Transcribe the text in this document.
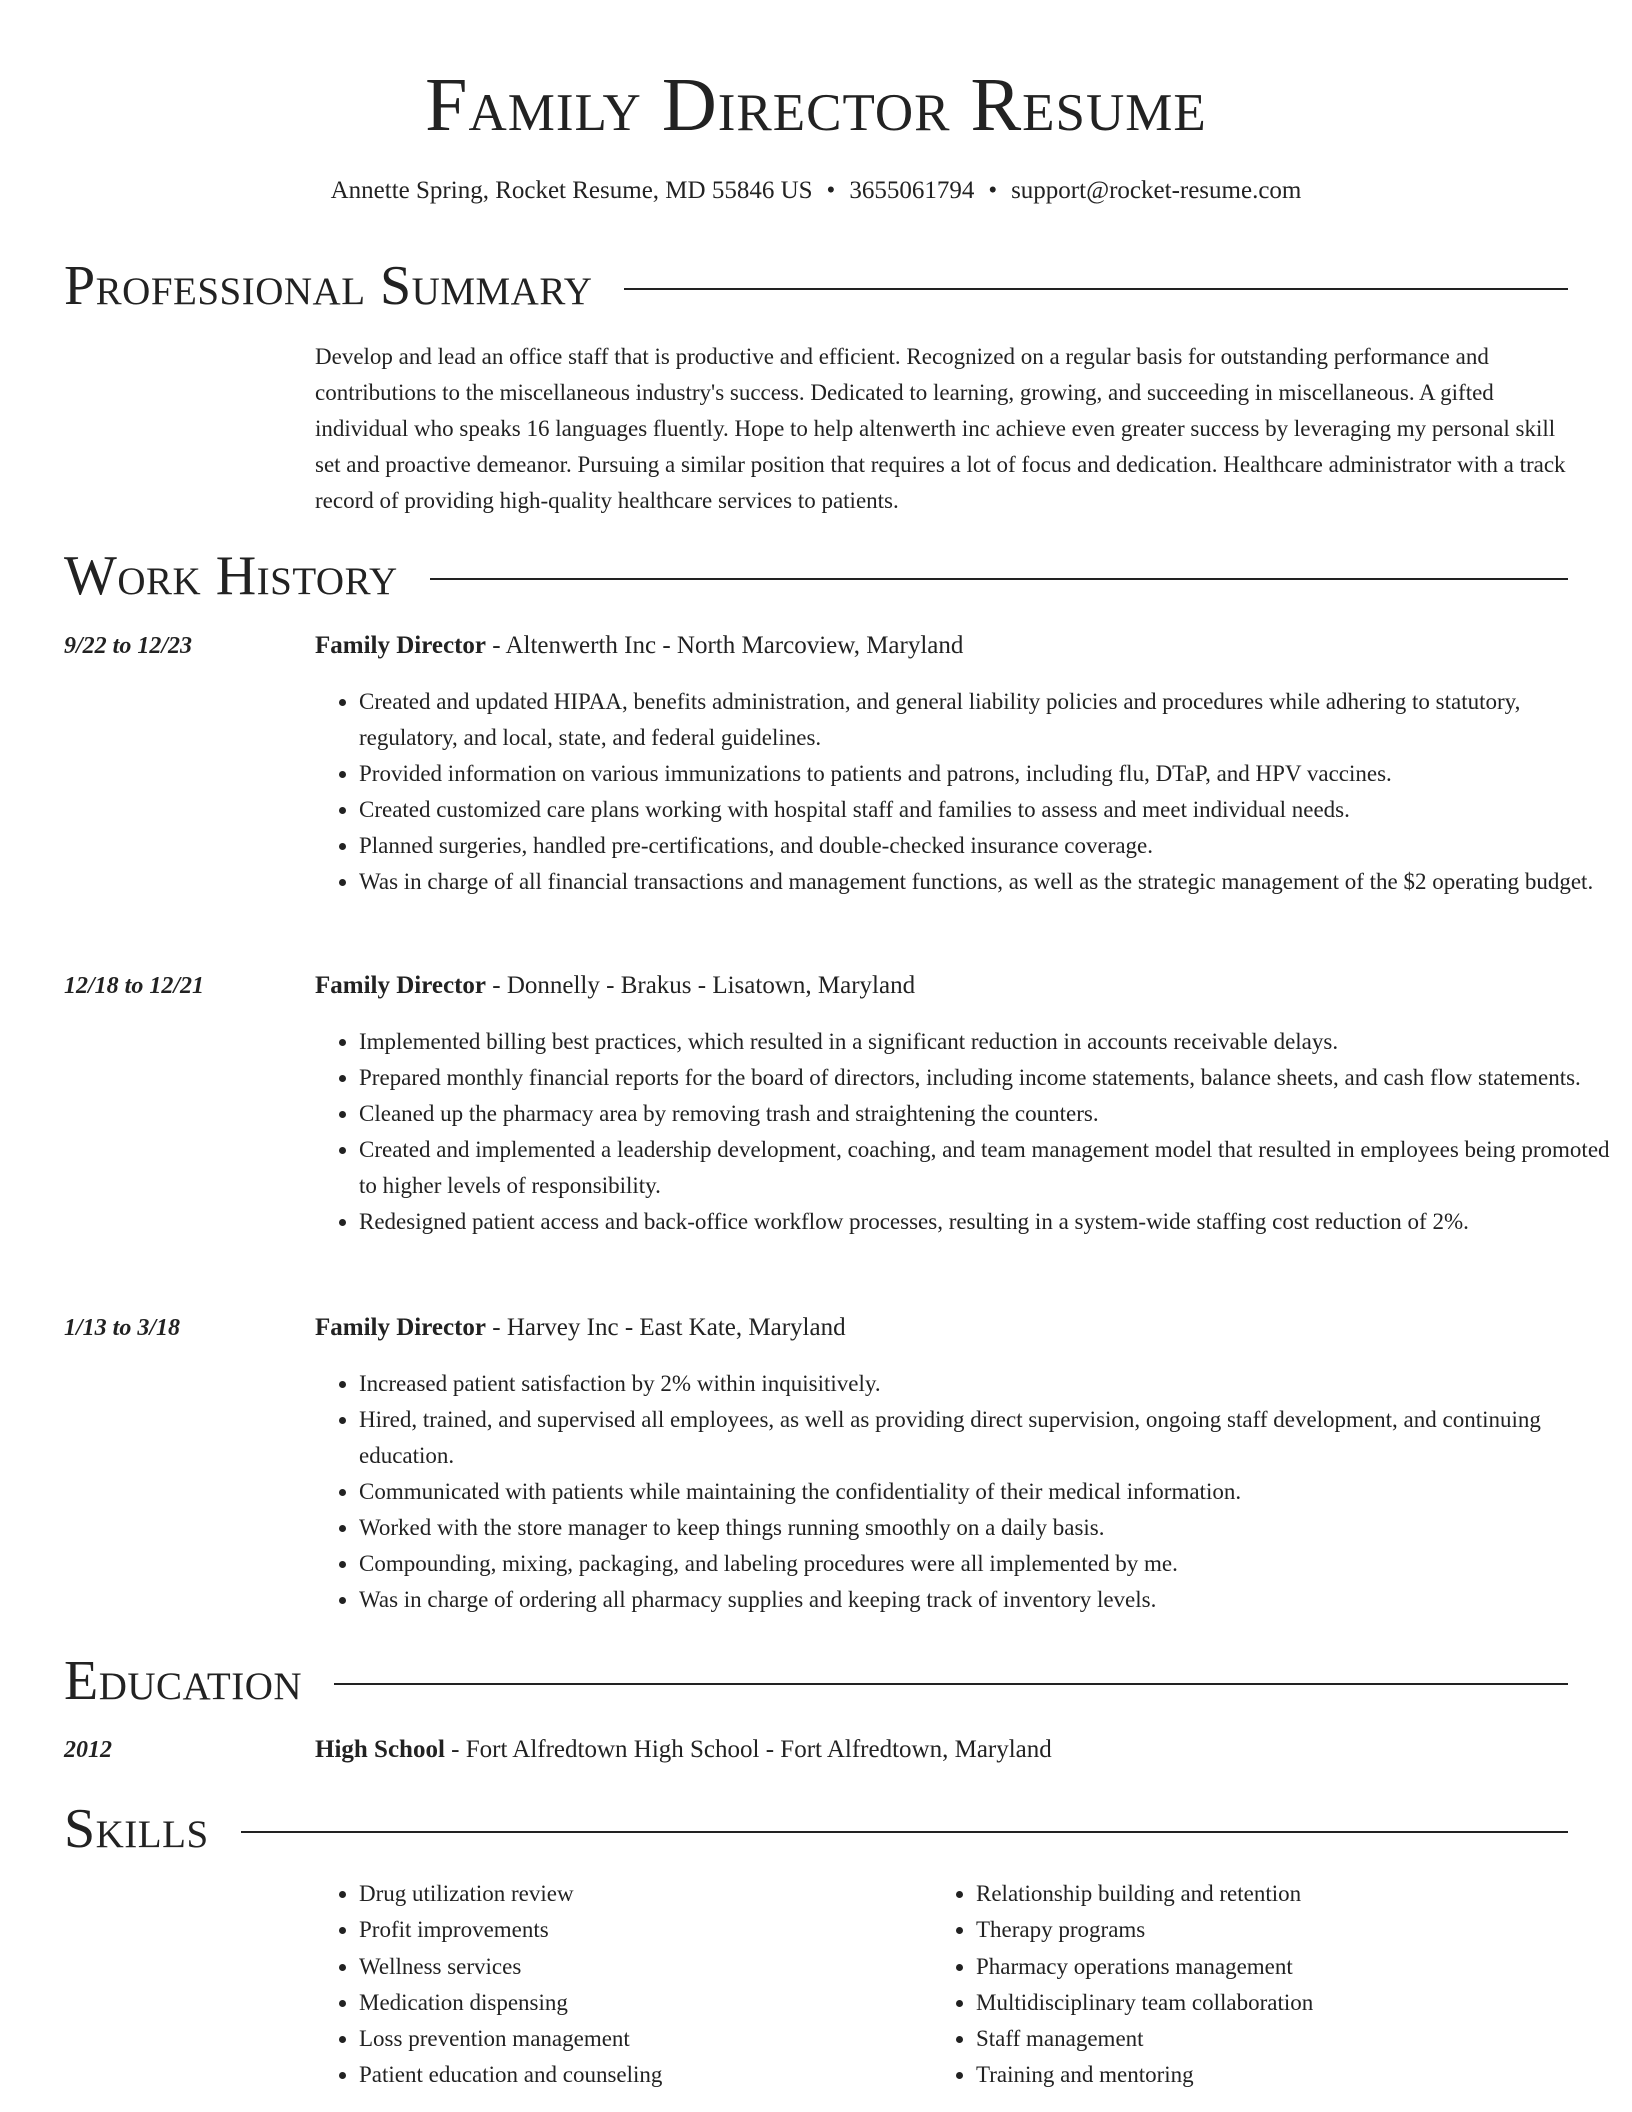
Family Director Resume
Annette Spring, Rocket Resume, MD 55846 US • 3655061794 • support@rocket-resume.com
Professional Summary

Develop and lead an office staff that is productive and efficient. Recognized on a regular basis for outstanding performance and contributions to the miscellaneous industry's success. Dedicated to learning, growing, and succeeding in miscellaneous. A gifted individual who speaks 16 languages fluently. Hope to help altenwerth inc achieve even greater success by leveraging my personal skill set and proactive demeanor. Pursuing a similar position that requires a lot of focus and dedication. Healthcare administrator with a track record of providing high-quality healthcare services to patients.

Work History
9/22 to 12/23	Family Director - Altenwerth Inc - North Marcoview, Maryland
• Created and updated HIPAA, benefits administration, and general liability policies and procedures while adhering to statutory, regulatory, and local, state, and federal guidelines.
• Provided information on various immunizations to patients and patrons, including flu, DTaP, and HPV vaccines.
• Created customized care plans working with hospital staff and families to assess and meet individual needs.
• Planned surgeries, handled pre-certifications, and double-checked insurance coverage.
• Was in charge of all financial transactions and management functions, as well as the strategic management of the $2 operating budget.
12/18 to 12/21	Family Director - Donnelly - Brakus - Lisatown, Maryland
• Implemented billing best practices, which resulted in a significant reduction in accounts receivable delays.
• Prepared monthly financial reports for the board of directors, including income statements, balance sheets, and cash flow statements.
• Cleaned up the pharmacy area by removing trash and straightening the counters.
• Created and implemented a leadership development, coaching, and team management model that resulted in employees being promoted to higher levels of responsibility.
• Redesigned patient access and back-office workflow processes, resulting in a system-wide staffing cost reduction of 2%.
1/13 to 3/18	Family Director - Harvey Inc - East Kate, Maryland
• Increased patient satisfaction by 2% within inquisitively.
• Hired, trained, and supervised all employees, as well as providing direct supervision, ongoing staff development, and continuing education.
• Communicated with patients while maintaining the confidentiality of their medical information.
• Worked with the store manager to keep things running smoothly on a daily basis.
• Compounding, mixing, packaging, and labeling procedures were all implemented by me.
• Was in charge of ordering all pharmacy supplies and keeping track of inventory levels.
Education
2012	High School - Fort Alfredtown High School - Fort Alfredtown, Maryland
Skills
• Drug utilization review
• Profit improvements
• Wellness services
• Medication dispensing
• Loss prevention management
• Patient education and counseling
• Relationship building and retention
• Therapy programs
• Pharmacy operations management
• Multidisciplinary team collaboration
• Staff management
• Training and mentoring
